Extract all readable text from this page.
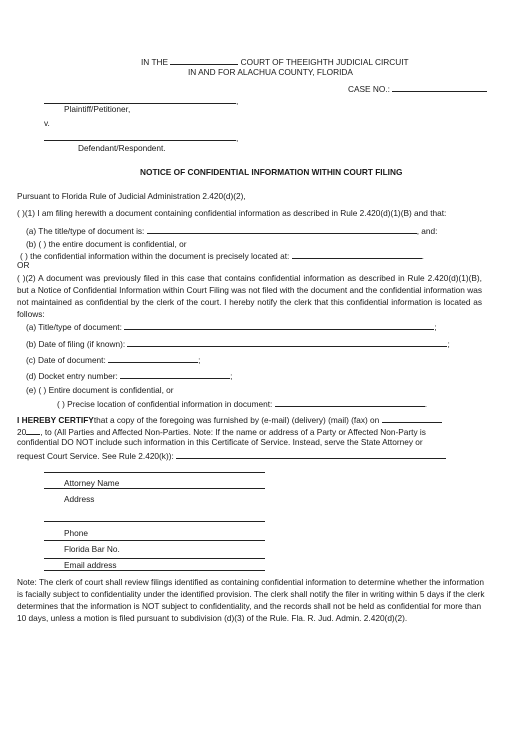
IN THE	COURT OF THEEIGHTH JUDICIAL CIRCUIT
IN AND FOR ALACHUA COUNTY, FLORIDA
CASE NO.:
,
Plaintiff/Petitioner,
v.
,
Defendant/Respondent.
NOTICE OF CONFIDENTIAL INFORMATION WITHIN COURT FILING
Pursuant to Florida Rule of Judicial Administration 2.420(d)(2),
( )(1) I am filing herewith a document containing confidential information as described in Rule 2.420(d)(1)(B) and that:
(a) The title/type of document is:	, and:
(b) ( ) the entire document is confidential, or
( ) the confidential information within the document is precisely located at:	.
OR
( )(2) A document was previously filed in this case that contains confidential information as described in Rule 2.420(d)(1)(B), but a Notice of Confidential Information within Court Filing was not filed with the document and the confidential information was not maintained as confidential by the clerk of the court. I hereby notify the clerk that this confidential information is located as follows:
(a) Title/type of document:	;
(b) Date of filing (if known):	;
(c) Date of document:	;
(d) Docket entry number:	;
(e) ( ) Entire document is confidential, or
( ) Precise location of confidential information in document:	.
I HEREBY CERTIFYthat a copy of the foregoing was furnished by (e-mail) (delivery) (mail) (fax) on
20 , to (All Parties and Affected Non-Parties. Note: If the name or address of a Party or Affected Non-Party is
confidential DO NOT include such information in this Certificate of Service. Instead, serve the State Attorney or
request Court Service. See Rule 2.420(k)):
Attorney Name
Address
Phone
Florida Bar No.
Email address
Note: The clerk of court shall review filings identified as containing confidential information to determine whether the information is facially subject to confidentiality under the identified provision. The clerk shall notify the filer in writing within 5 days if the clerk determines that the information is NOT subject to confidentiality, and the records shall not be held as confidential for more than 10 days, unless a motion is filed pursuant to subdivision (d)(3) of the Rule. Fla. R. Jud. Admin. 2.420(d)(2).
